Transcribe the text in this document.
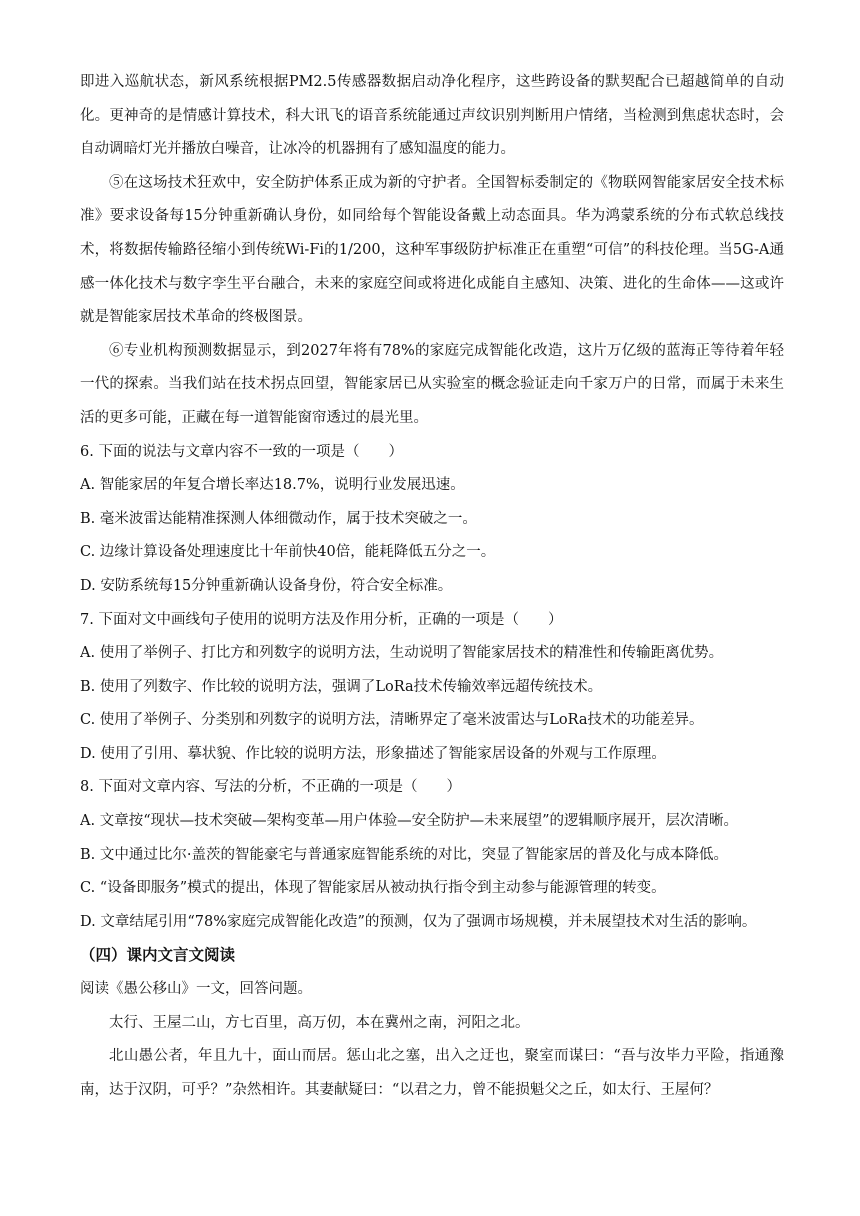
即进入巡航状态，新风系统根据PM2.5传感器数据启动净化程序，这些跨设备的默契配合已超越简单的自动化。更神奇的是情感计算技术，科大讯飞的语音系统能通过声纹识别判断用户情绪，当检测到焦虑状态时，会自动调暗灯光并播放白噪音，让冰冷的机器拥有了感知温度的能力。

⑤在这场技术狂欢中，安全防护体系正成为新的守护者。全国智标委制定的《物联网智能家居安全技术标准》要求设备每15分钟重新确认身份，如同给每个智能设备戴上动态面具。华为鸿蒙系统的分布式软总线技术，将数据传输路径缩小到传统Wi-Fi的1/200，这种军事级防护标准正在重塑“可信”的科技伦理。当5G-A通感一体化技术与数字孪生平台融合，未来的家庭空间或将进化成能自主感知、决策、进化的生命体——这或许就是智能家居技术革命的终极图景。

⑥专业机构预测数据显示，到2027年将有78%的家庭完成智能化改造，这片万亿级的蓝海正等待着年轻一代的探索。当我们站在技术拐点回望，智能家居已从实验室的概念验证走向千家万户的日常，而属于未来生活的更多可能，正藏在每一道智能窗帘透过的晨光里。

6. 下面的说法与文章内容不一致的一项是（　　）

A. 智能家居的年复合增长率达18.7%，说明行业发展迅速。

B. 毫米波雷达能精准探测人体细微动作，属于技术突破之一。

C. 边缘计算设备处理速度比十年前快40倍，能耗降低五分之一。

D. 安防系统每15分钟重新确认设备身份，符合安全标准。

7. 下面对文中画线句子使用的说明方法及作用分析，正确的一项是（　　）

A. 使用了举例子、打比方和列数字的说明方法，生动说明了智能家居技术的精准性和传输距离优势。

B. 使用了列数字、作比较的说明方法，强调了LoRa技术传输效率远超传统技术。

C. 使用了举例子、分类别和列数字的说明方法，清晰界定了毫米波雷达与LoRa技术的功能差异。

D. 使用了引用、摹状貌、作比较的说明方法，形象描述了智能家居设备的外观与工作原理。

8. 下面对文章内容、写法的分析，不正确的一项是（　　）

A. 文章按“现状—技术突破—架构变革—用户体验—安全防护—未来展望”的逻辑顺序展开，层次清晰。

B. 文中通过比尔·盖茨的智能豪宅与普通家庭智能系统的对比，突显了智能家居的普及化与成本降低。

C. “设备即服务”模式的提出，体现了智能家居从被动执行指令到主动参与能源管理的转变。

D. 文章结尾引用“78%家庭完成智能化改造”的预测，仅为了强调市场规模，并未展望技术对生活的影响。

（四）课内文言文阅读

阅读《愚公移山》一文，回答问题。

太行、王屋二山，方七百里，高万仞，本在冀州之南，河阳之北。

北山愚公者，年且九十，面山而居。惩山北之塞，出入之迂也，聚室而谋曰：“吾与汝毕力平险，指通豫南，达于汉阴，可乎？”杂然相许。其妻献疑曰：“以君之力，曾不能损魁父之丘，如太行、王屋何？
